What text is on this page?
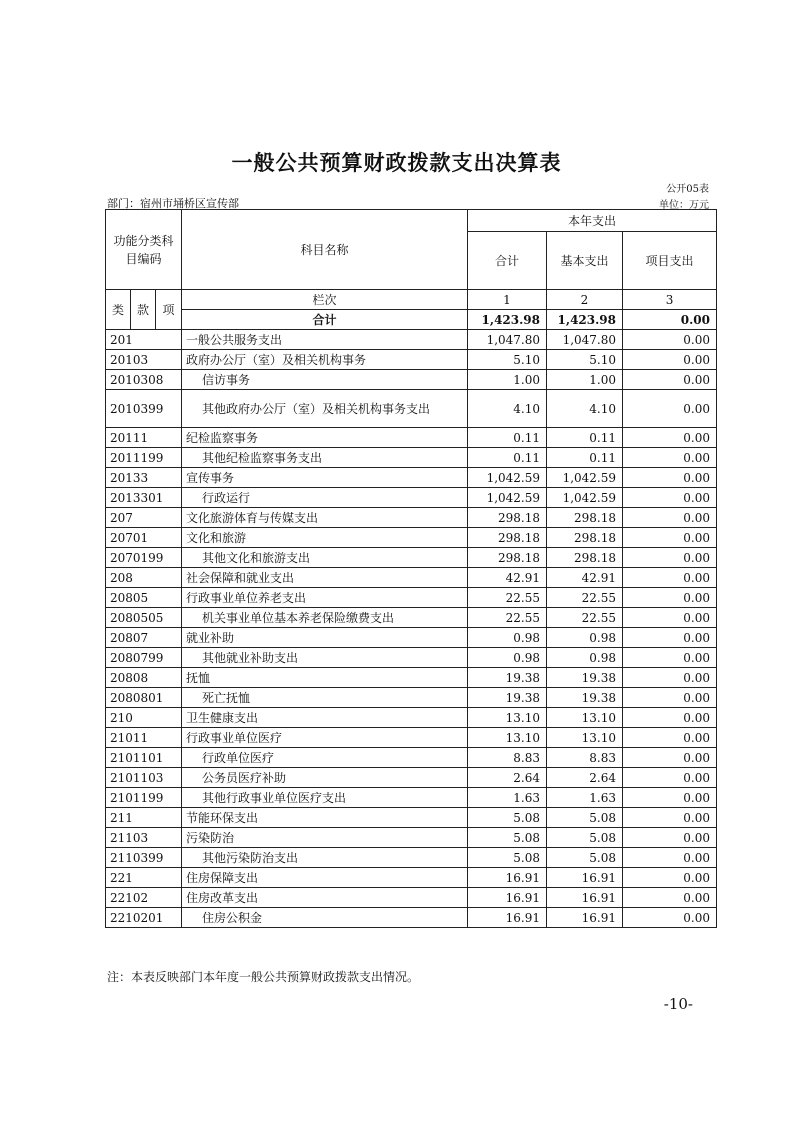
一般公共预算财政拨款支出决算表
公开05表
部门：宿州市埇桥区宣传部	单位：万元
功能分类科目编码			科目名称	本年支出		
				合计	基本支出	项目支出
类	款	项	栏次	1	2	3
			合计	1,423.98	1,423.98	0.00
201			一般公共服务支出	1,047.80	1,047.80	0.00
20103			政府办公厅（室）及相关机构事务	5.10	5.10	0.00
2010308			信访事务	1.00	1.00	0.00
2010399			其他政府办公厅（室）及相关机构事务支出	4.10	4.10	0.00
20111			纪检监察事务	0.11	0.11	0.00
2011199			其他纪检监察事务支出	0.11	0.11	0.00
20133			宣传事务	1,042.59	1,042.59	0.00
2013301			行政运行	1,042.59	1,042.59	0.00
207			文化旅游体育与传媒支出	298.18	298.18	0.00
20701			文化和旅游	298.18	298.18	0.00
2070199			其他文化和旅游支出	298.18	298.18	0.00
208			社会保障和就业支出	42.91	42.91	0.00
20805			行政事业单位养老支出	22.55	22.55	0.00
2080505			机关事业单位基本养老保险缴费支出	22.55	22.55	0.00
20807			就业补助	0.98	0.98	0.00
2080799			其他就业补助支出	0.98	0.98	0.00
20808			抚恤	19.38	19.38	0.00
2080801			死亡抚恤	19.38	19.38	0.00
210			卫生健康支出	13.10	13.10	0.00
21011			行政事业单位医疗	13.10	13.10	0.00
2101101			行政单位医疗	8.83	8.83	0.00
2101103			公务员医疗补助	2.64	2.64	0.00
2101199			其他行政事业单位医疗支出	1.63	1.63	0.00
211			节能环保支出	5.08	5.08	0.00
21103			污染防治	5.08	5.08	0.00
2110399			其他污染防治支出	5.08	5.08	0.00
221			住房保障支出	16.91	16.91	0.00
22102			住房改革支出	16.91	16.91	0.00
2210201			住房公积金	16.91	16.91	0.00
注：本表反映部门本年度一般公共预算财政拨款支出情况。
-10-
